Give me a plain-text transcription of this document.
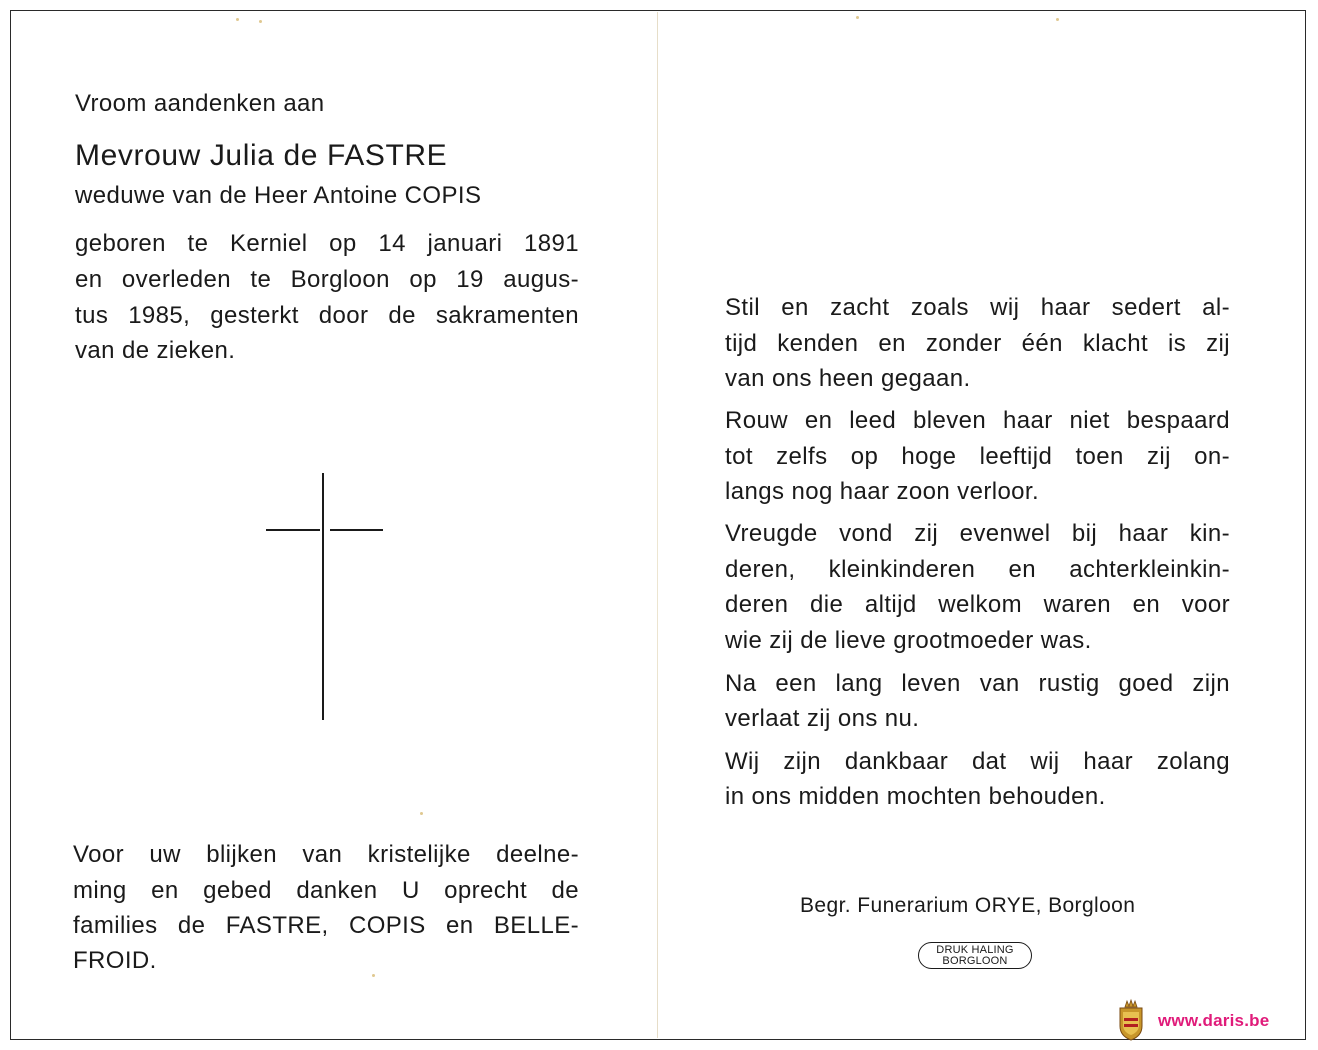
Vroom aandenken aan
Mevrouw Julia de FASTRE
weduwe van de Heer Antoine COPIS
geboren te Kerniel op 14 januari 1891
en overleden te Borgloon op 19 augus-
tus 1985, gesterkt door de sakramenten
van de zieken.
Voor uw blijken van kristelijke deelne-
ming en gebed danken U oprecht de
families de FASTRE, COPIS en BELLE-
FROID.
Stil en zacht zoals wij haar sedert al-
tijd kenden en zonder één klacht is zij
van ons heen gegaan.
Rouw en leed bleven haar niet bespaard
tot zelfs op hoge leeftijd toen zij on-
langs nog haar zoon verloor.
Vreugde vond zij evenwel bij haar kin-
deren, kleinkinderen en achterkleinkin-
deren die altijd welkom waren en voor
wie zij de lieve grootmoeder was.
Na een lang leven van rustig goed zijn
verlaat zij ons nu.
Wij zijn dankbaar dat wij haar zolang
in ons midden mochten behouden.
Begr. Funerarium ORYE, Borgloon
DRUK HALING
BORGLOON
www.daris.be
